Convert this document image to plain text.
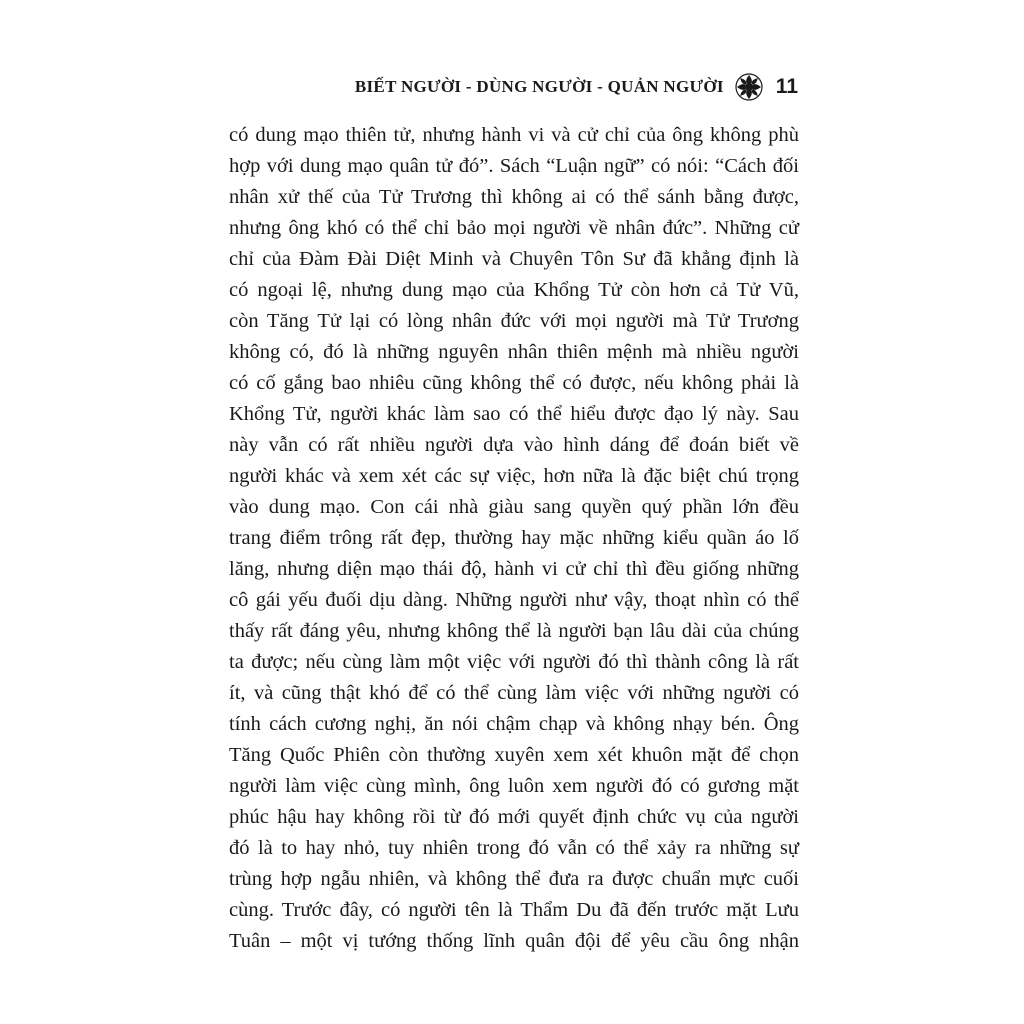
BIẾT NGƯỜI - DÙNG NGƯỜI - QUẢN NGƯỜI 11
có dung mạo thiên tử, nhưng hành vi và cử chỉ của ông không phù
hợp với dung mạo quân tử đó”. Sách “Luận ngữ” có nói: “Cách đối
nhân xử thế của Tử Trương thì không ai có thể sánh bằng được,
nhưng ông khó có thể chỉ bảo mọi người về nhân đức”. Những cử
chỉ của Đàm Đài Diệt Minh và Chuyên Tôn Sư đã khẳng định là
có ngoại lệ, nhưng dung mạo của Khổng Tử còn hơn cả Tử Vũ,
còn Tăng Tử lại có lòng nhân đức với mọi người mà Tử Trương
không có, đó là những nguyên nhân thiên mệnh mà nhiều người
có cố gắng bao nhiêu cũng không thể có được, nếu không phải là
Khổng Tử, người khác làm sao có thể hiểu được đạo lý này. Sau
này vẫn có rất nhiều người dựa vào hình dáng để đoán biết về
người khác và xem xét các sự việc, hơn nữa là đặc biệt chú trọng
vào dung mạo. Con cái nhà giàu sang quyền quý phần lớn đều
trang điểm trông rất đẹp, thường hay mặc những kiểu quần áo lố
lăng, nhưng diện mạo thái độ, hành vi cử chỉ thì đều giống những
cô gái yếu đuối dịu dàng. Những người như vậy, thoạt nhìn có thể
thấy rất đáng yêu, nhưng không thể là người bạn lâu dài của chúng
ta được; nếu cùng làm một việc với người đó thì thành công là rất
ít, và cũng thật khó để có thể cùng làm việc với những người có
tính cách cương nghị, ăn nói chậm chạp và không nhạy bén. Ông
Tăng Quốc Phiên còn thường xuyên xem xét khuôn mặt để chọn
người làm việc cùng mình, ông luôn xem người đó có gương mặt
phúc hậu hay không rồi từ đó mới quyết định chức vụ của người
đó là to hay nhỏ, tuy nhiên trong đó vẫn có thể xảy ra những sự
trùng hợp ngẫu nhiên, và không thể đưa ra được chuẩn mực cuối
cùng. Trước đây, có người tên là Thẩm Du đã đến trước mặt Lưu
Tuân – một vị tướng thống lĩnh quân đội để yêu cầu ông nhận
